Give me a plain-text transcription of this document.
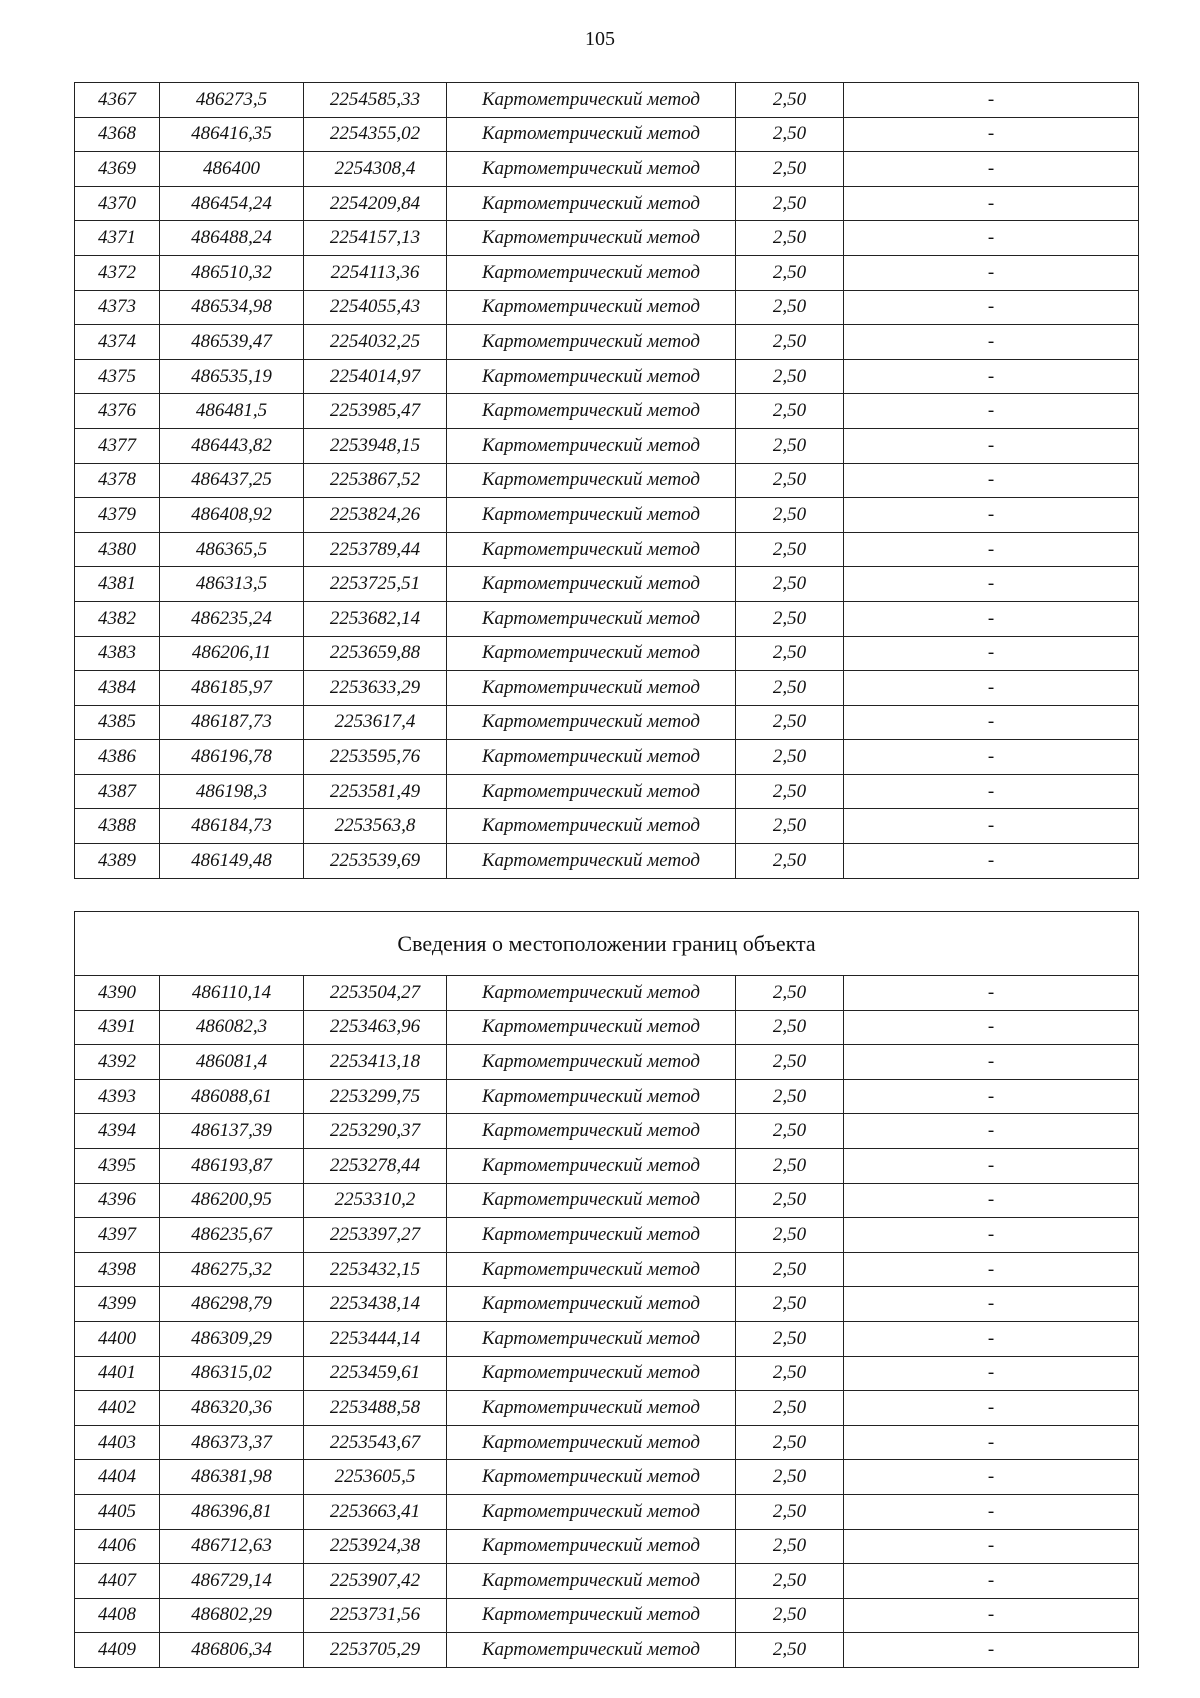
105
4367	486273,5	2254585,33	Картометрический метод	2,50	-
4368	486416,35	2254355,02	Картометрический метод	2,50	-
4369	486400	2254308,4	Картометрический метод	2,50	-
4370	486454,24	2254209,84	Картометрический метод	2,50	-
4371	486488,24	2254157,13	Картометрический метод	2,50	-
4372	486510,32	2254113,36	Картометрический метод	2,50	-
4373	486534,98	2254055,43	Картометрический метод	2,50	-
4374	486539,47	2254032,25	Картометрический метод	2,50	-
4375	486535,19	2254014,97	Картометрический метод	2,50	-
4376	486481,5	2253985,47	Картометрический метод	2,50	-
4377	486443,82	2253948,15	Картометрический метод	2,50	-
4378	486437,25	2253867,52	Картометрический метод	2,50	-
4379	486408,92	2253824,26	Картометрический метод	2,50	-
4380	486365,5	2253789,44	Картометрический метод	2,50	-
4381	486313,5	2253725,51	Картометрический метод	2,50	-
4382	486235,24	2253682,14	Картометрический метод	2,50	-
4383	486206,11	2253659,88	Картометрический метод	2,50	-
4384	486185,97	2253633,29	Картометрический метод	2,50	-
4385	486187,73	2253617,4	Картометрический метод	2,50	-
4386	486196,78	2253595,76	Картометрический метод	2,50	-
4387	486198,3	2253581,49	Картометрический метод	2,50	-
4388	486184,73	2253563,8	Картометрический метод	2,50	-
4389	486149,48	2253539,69	Картометрический метод	2,50	-
Сведения о местоположении границ объекта					
4390	486110,14	2253504,27	Картометрический метод	2,50	-
4391	486082,3	2253463,96	Картометрический метод	2,50	-
4392	486081,4	2253413,18	Картометрический метод	2,50	-
4393	486088,61	2253299,75	Картометрический метод	2,50	-
4394	486137,39	2253290,37	Картометрический метод	2,50	-
4395	486193,87	2253278,44	Картометрический метод	2,50	-
4396	486200,95	2253310,2	Картометрический метод	2,50	-
4397	486235,67	2253397,27	Картометрический метод	2,50	-
4398	486275,32	2253432,15	Картометрический метод	2,50	-
4399	486298,79	2253438,14	Картометрический метод	2,50	-
4400	486309,29	2253444,14	Картометрический метод	2,50	-
4401	486315,02	2253459,61	Картометрический метод	2,50	-
4402	486320,36	2253488,58	Картометрический метод	2,50	-
4403	486373,37	2253543,67	Картометрический метод	2,50	-
4404	486381,98	2253605,5	Картометрический метод	2,50	-
4405	486396,81	2253663,41	Картометрический метод	2,50	-
4406	486712,63	2253924,38	Картометрический метод	2,50	-
4407	486729,14	2253907,42	Картометрический метод	2,50	-
4408	486802,29	2253731,56	Картометрический метод	2,50	-
4409	486806,34	2253705,29	Картометрический метод	2,50	-
